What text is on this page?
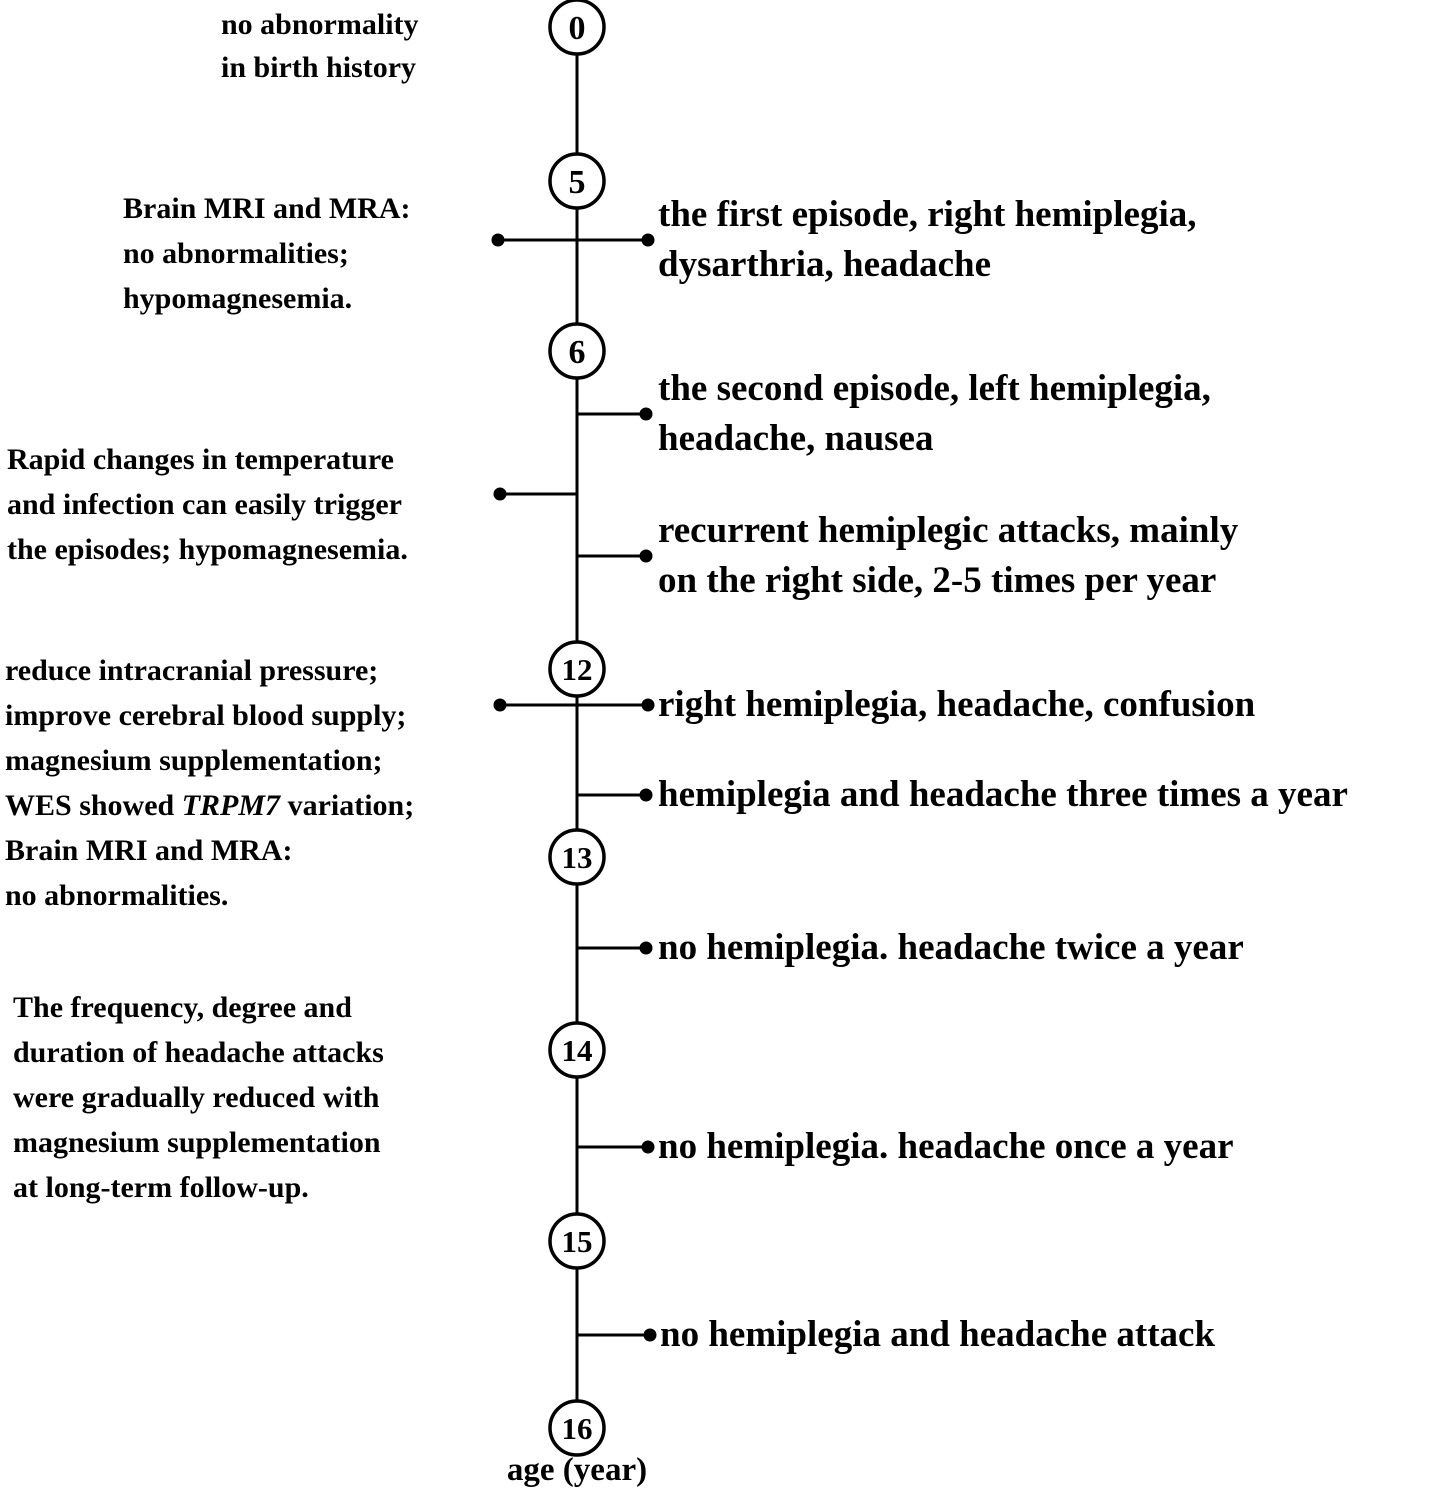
0
5
6
12
13
14
15
16
no abnormality
in birth history
Brain MRI and MRA:
no abnormalities;
hypomagnesemia.
Rapid changes in temperature
and infection can easily trigger
the episodes; hypomagnesemia.
reduce intracranial pressure;
improve cerebral blood supply;
magnesium supplementation;
WES showed TRPM7 variation;
Brain MRI and MRA:
no abnormalities.
The frequency, degree and
duration of headache attacks
were gradually reduced with
magnesium supplementation
at long-term follow-up.
the first episode, right hemiplegia,
dysarthria, headache
the second episode, left hemiplegia,
headache, nausea
recurrent hemiplegic attacks, mainly
on the right side, 2-5 times per year
right hemiplegia, headache, confusion
hemiplegia and headache three times a year
no hemiplegia. headache twice a year
no hemiplegia. headache once a year
no hemiplegia and headache attack
age (year)
